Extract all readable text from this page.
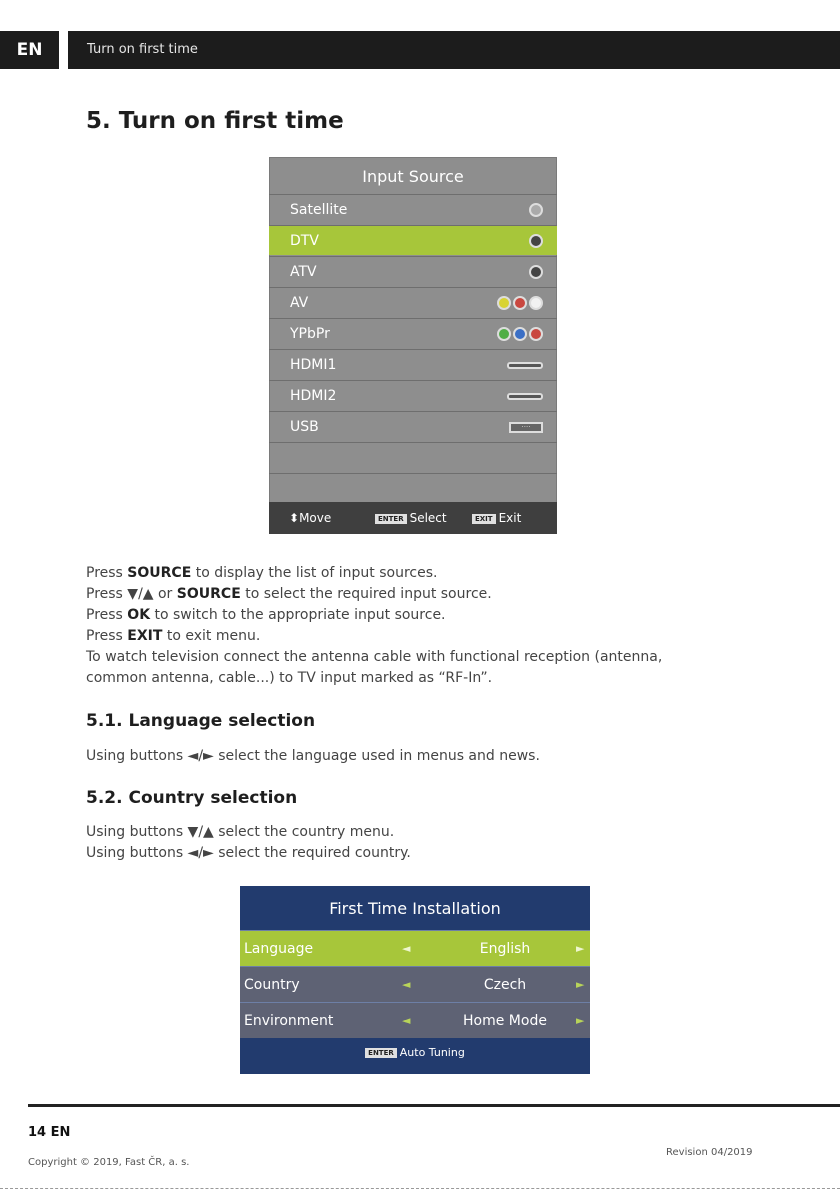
EN	Turn on first time
5. Turn on first time
Input Source
Satellite
DTV
ATV
AV
YPbPr
HDMI1
HDMI2
USB	····
⬍Move	ENTER Select	EXIT Exit

Press SOURCE to display the list of input sources.
Press ▼/▲ or SOURCE to select the required input source.
Press OK to switch to the appropriate input source.
Press EXIT to exit menu.
To watch television connect the antenna cable with functional reception (antenna,
common antenna, cable...) to TV input marked as “RF-In”.

5.1. Language selection

Using buttons ◄/► select the language used in menus and news.

5.2. Country selection

Using buttons ▼/▲ select the country menu.
Using buttons ◄/► select the required country.

First Time Installation
Language	◄	English	►
Country	◄	Czech	►
Environment	◄	Home Mode	►
ENTER Auto Tuning
14 EN
Copyright © 2019, Fast ČR, a. s.
Revision 04/2019
